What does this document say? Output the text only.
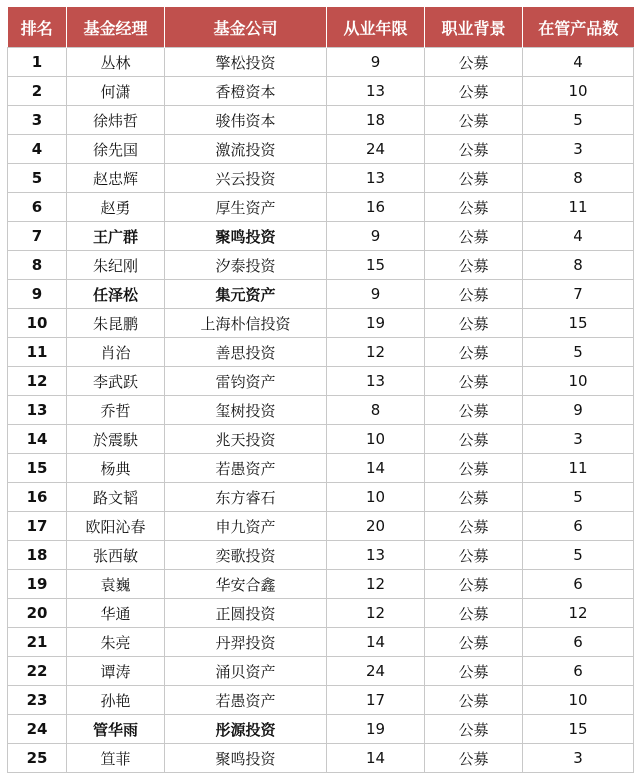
排名	基金经理	基金公司	从业年限	职业背景	在管产品数
1	丛林	擎松投资	9	公募	4
2	何潇	香橙资本	13	公募	10
3	徐炜哲	骏伟资本	18	公募	5
4	徐先国	激流投资	24	公募	3
5	赵忠辉	兴云投资	13	公募	8
6	赵勇	厚生资产	16	公募	11
7	王广群	聚鸣投资	9	公募	4
8	朱纪刚	汐泰投资	15	公募	8
9	任泽松	集元资产	9	公募	7
10	朱昆鹏	上海朴信投资	19	公募	15
11	肖治	善思投资	12	公募	5
12	李武跃	雷钧资产	13	公募	10
13	乔哲	玺树投资	8	公募	9
14	於震駃	兆天投资	10	公募	3
15	杨典	若愚资产	14	公募	11
16	路文韬	东方睿石	10	公募	5
17	欧阳沁春	申九资产	20	公募	6
18	张西敏	奕歌投资	13	公募	5
19	袁巍	华安合鑫	12	公募	6
20	华通	正圆投资	12	公募	12
21	朱亮	丹羿投资	14	公募	6
22	谭涛	涌贝资产	24	公募	6
23	孙艳	若愚资产	17	公募	10
24	管华雨	彤源投资	19	公募	15
25	笪菲	聚鸣投资	14	公募	3
